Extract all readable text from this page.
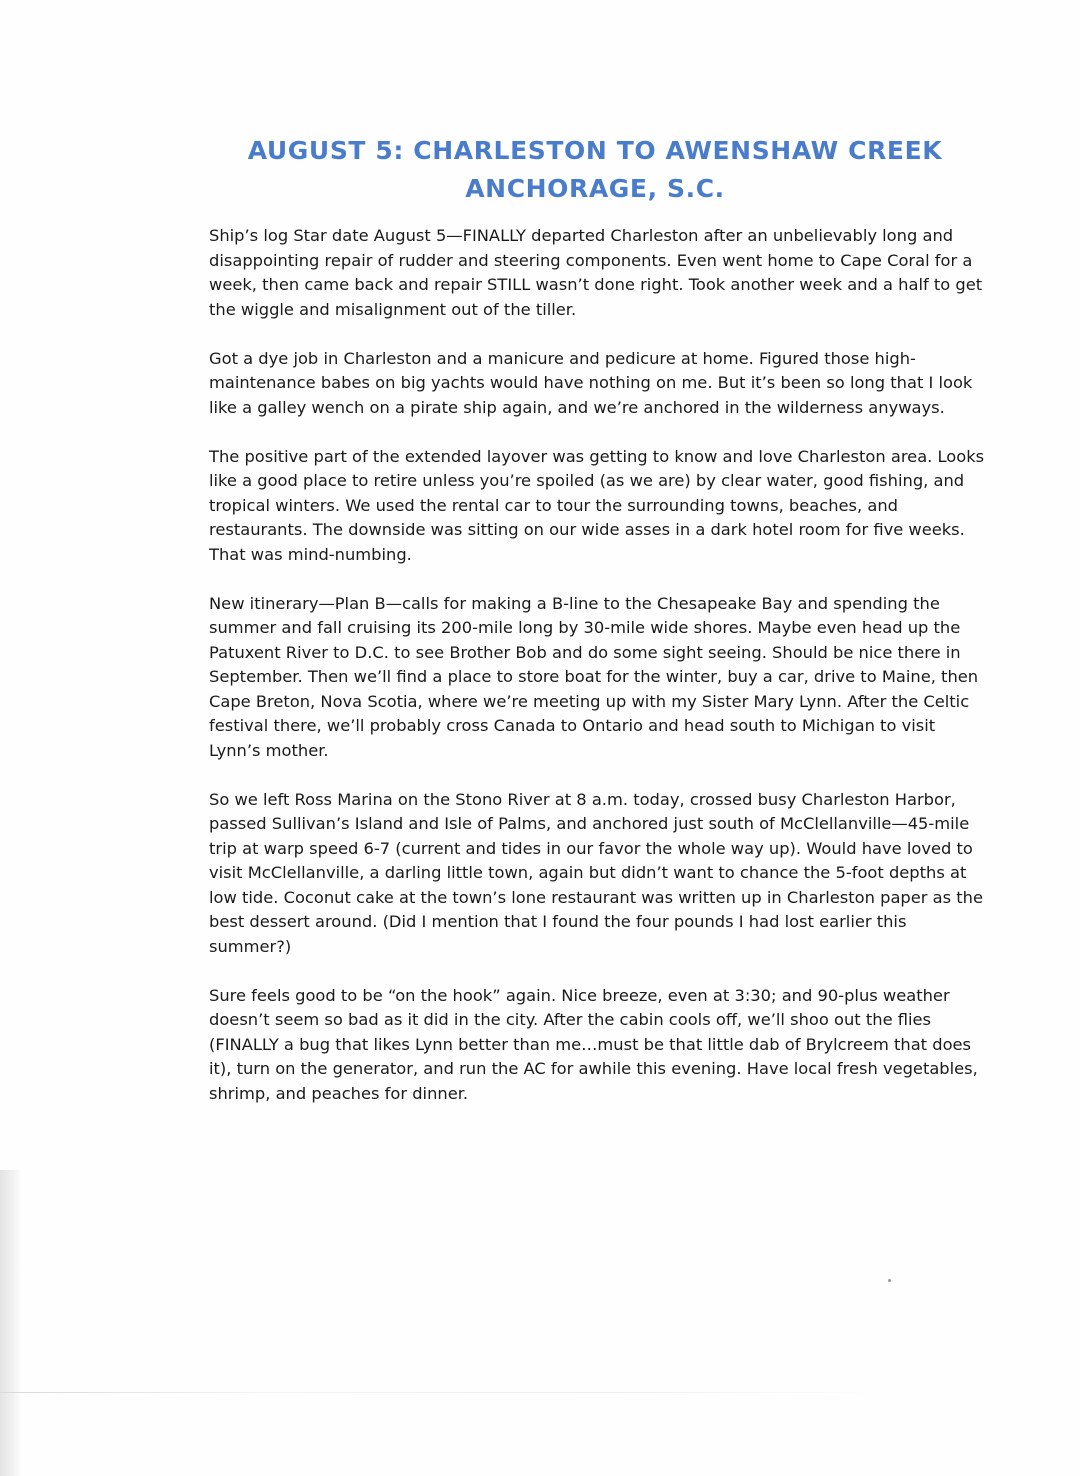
AUGUST 5: CHARLESTON TO AWENSHAW CREEK
ANCHORAGE, S.C.

Ship’s log Star date August 5—FINALLY departed Charleston after an unbelievably long and disappointing repair of rudder and steering components. Even went home to Cape Coral for a week, then came back and repair STILL wasn’t done right. Took another week and a half to get the wiggle and misalignment out of the tiller.

Got a dye job in Charleston and a manicure and pedicure at home. Figured those high-maintenance babes on big yachts would have nothing on me. But it’s been so long that I look like a galley wench on a pirate ship again, and we’re anchored in the wilderness anyways.

The positive part of the extended layover was getting to know and love Charleston area. Looks like a good place to retire unless you’re spoiled (as we are) by clear water, good fishing, and tropical winters. We used the rental car to tour the surrounding towns, beaches, and restaurants. The downside was sitting on our wide asses in a dark hotel room for five weeks. That was mind-numbing.

New itinerary—Plan B—calls for making a B-line to the Chesapeake Bay and spending the summer and fall cruising its 200-mile long by 30-mile wide shores. Maybe even head up the Patuxent River to D.C. to see Brother Bob and do some sight seeing. Should be nice there in September. Then we’ll find a place to store boat for the winter, buy a car, drive to Maine, then Cape Breton, Nova Scotia, where we’re meeting up with my Sister Mary Lynn. After the Celtic festival there, we’ll probably cross Canada to Ontario and head south to Michigan to visit Lynn’s mother.

So we left Ross Marina on the Stono River at 8 a.m. today, crossed busy Charleston Harbor, passed Sullivan’s Island and Isle of Palms, and anchored just south of McClellanville—45-mile trip at warp speed 6-7 (current and tides in our favor the whole way up). Would have loved to visit McClellanville, a darling little town, again but didn’t want to chance the 5-foot depths at low tide. Coconut cake at the town’s lone restaurant was written up in Charleston paper as the best dessert around. (Did I mention that I found the four pounds I had lost earlier this summer?)

Sure feels good to be “on the hook” again. Nice breeze, even at 3:30; and 90-plus weather doesn’t seem so bad as it did in the city. After the cabin cools off, we’ll shoo out the flies (FINALLY a bug that likes Lynn better than me…must be that little dab of Brylcreem that does it), turn on the generator, and run the AC for awhile this evening. Have local fresh vegetables, shrimp, and peaches for dinner.
